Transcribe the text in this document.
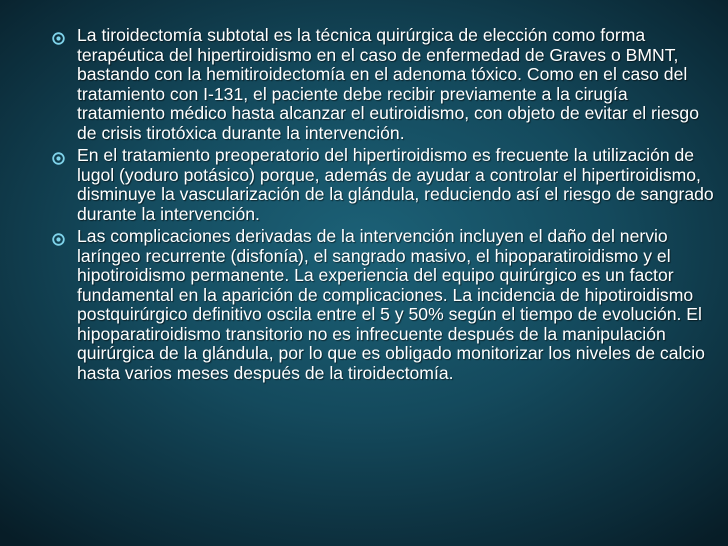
La tiroidectomía subtotal es la técnica quirúrgica de elección como forma terapéutica del hipertiroidismo en el caso de enfermedad de Graves o BMNT, bastando con la hemitiroidectomía en el adenoma tóxico. Como en el caso del tratamiento con I-131, el paciente debe recibir previamente a la cirugía tratamiento médico hasta alcanzar el eutiroidismo, con objeto de evitar el riesgo de crisis tirotóxica durante la intervención.
En el tratamiento preoperatorio del hipertiroidismo es frecuente la utilización de lugol (yoduro potásico) porque, además de ayudar a controlar el hipertiroidismo, disminuye la vascularización de la glándula, reduciendo así el riesgo de sangrado durante la intervención.
Las complicaciones derivadas de la intervención incluyen el daño del nervio laríngeo recurrente (disfonía), el sangrado masivo, el hipoparatiroidismo y el hipotiroidismo permanente. La experiencia del equipo quirúrgico es un factor fundamental en la aparición de complicaciones. La incidencia de hipotiroidismo postquirúrgico definitivo oscila entre el 5 y 50% según el tiempo de evolución. El hipoparatiroidismo transitorio no es infrecuente después de la manipulación quirúrgica de la glándula, por lo que es obligado monitorizar los niveles de calcio hasta varios meses después de la tiroidectomía.
